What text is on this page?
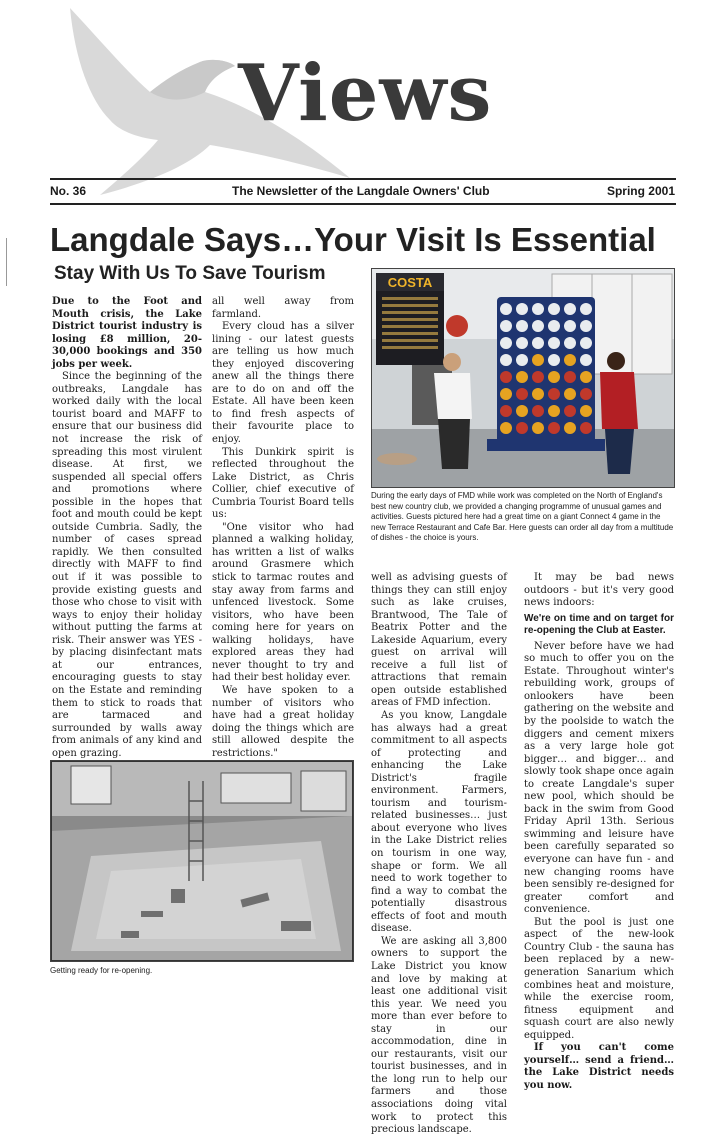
Views
No. 36	The Newsletter of the Langdale Owners' Club	Spring 2001
Langdale Says…Your Visit Is Essential
Stay With Us To Save Tourism

Due to the Foot and Mouth crisis, the Lake District tourist industry is losing £8 million, 20-30,000 bookings and 350 jobs per week.

Since the beginning of the outbreaks, Langdale has worked daily with the local tourist board and MAFF to ensure that our business did not increase the risk of spreading this most virulent disease. At first, we suspended all special offers and promotions where possible in the hopes that foot and mouth could be kept outside Cumbria. Sadly, the number of cases spread rapidly. We then consulted directly with MAFF to find out if it was possible to provide existing guests and those who chose to visit with ways to enjoy their holiday without putting the farms at risk. Their answer was YES - by placing disinfectant mats at our entrances, encouraging guests to stay on the Estate and reminding them to stick to roads that are tarmaced and surrounded by walls away from animals of any kind and open grazing.

all well away from farmland.

Every cloud has a silver lining - our latest guests are telling us how much they enjoyed discovering anew all the things there are to do on and off the Estate. All have been keen to find fresh aspects of their favourite place to enjoy.

This Dunkirk spirit is reflected throughout the Lake District, as Chris Collier, chief executive of Cumbria Tourist Board tells us:

"One visitor who had planned a walking holiday, has written a list of walks around Grasmere which stick to tarmac routes and stay away from farms and unfenced livestock. Some visitors, who have been coming here for years on walking holidays, have explored areas they had never thought to try and had their best holiday ever.

We have spoken to a number of visitors who have had a great holiday doing the things which are still allowed despite the restrictions."

COSTA
During the early days of FMD while work was completed on the North of England's best new country club, we provided a changing programme of unusual games and activities. Guests pictured here had a great time on a giant Connect 4 game in the new Terrace Restaurant and Cafe Bar. Here guests can order all day from a multitude of dishes - the choice is yours.

well as advising guests of things they can still enjoy such as lake cruises, Brantwood, The Tale of Beatrix Potter and the Lakeside Aquarium, every guest on arrival will receive a full list of attractions that remain open outside established areas of FMD infection.

As you know, Langdale has always had a great commitment to all aspects of protecting and enhancing the Lake District's fragile environment. Farmers, tourism and tourism-related businesses… just about everyone who lives in the Lake District relies on tourism in one way, shape or form. We all need to work together to find a way to combat the potentially disastrous effects of foot and mouth disease.

We are asking all 3,800 owners to support the Lake District you know and love by making at least one additional visit this year. We need you more than ever before to stay in our accommodation, dine in our restaurants, visit our tourist businesses, and in the long run to help our farmers and those associations doing vital work to protect this precious landscape.

It may be bad news outdoors - but it's very good news indoors:

We're on time and on target for re-opening the Club at Easter.

Never before have we had so much to offer you on the Estate. Throughout winter's rebuilding work, groups of onlookers have been gathering on the website and by the poolside to watch the diggers and cement mixers as a very large hole got bigger… and bigger… and slowly took shape once again to create Langdale's super new pool, which should be back in the swim from Good Friday April 13th. Serious swimming and leisure have been carefully separated so everyone can have fun - and new changing rooms have been sensibly re-designed for greater comfort and convenience.

But the pool is just one aspect of the new-look Country Club - the sauna has been replaced by a new-generation Sanarium which combines heat and moisture, while the exercise room, fitness equipment and squash court are also newly equipped.

If you can't come yourself… send a friend… the Lake District needs you now.

Getting ready for re-opening.
